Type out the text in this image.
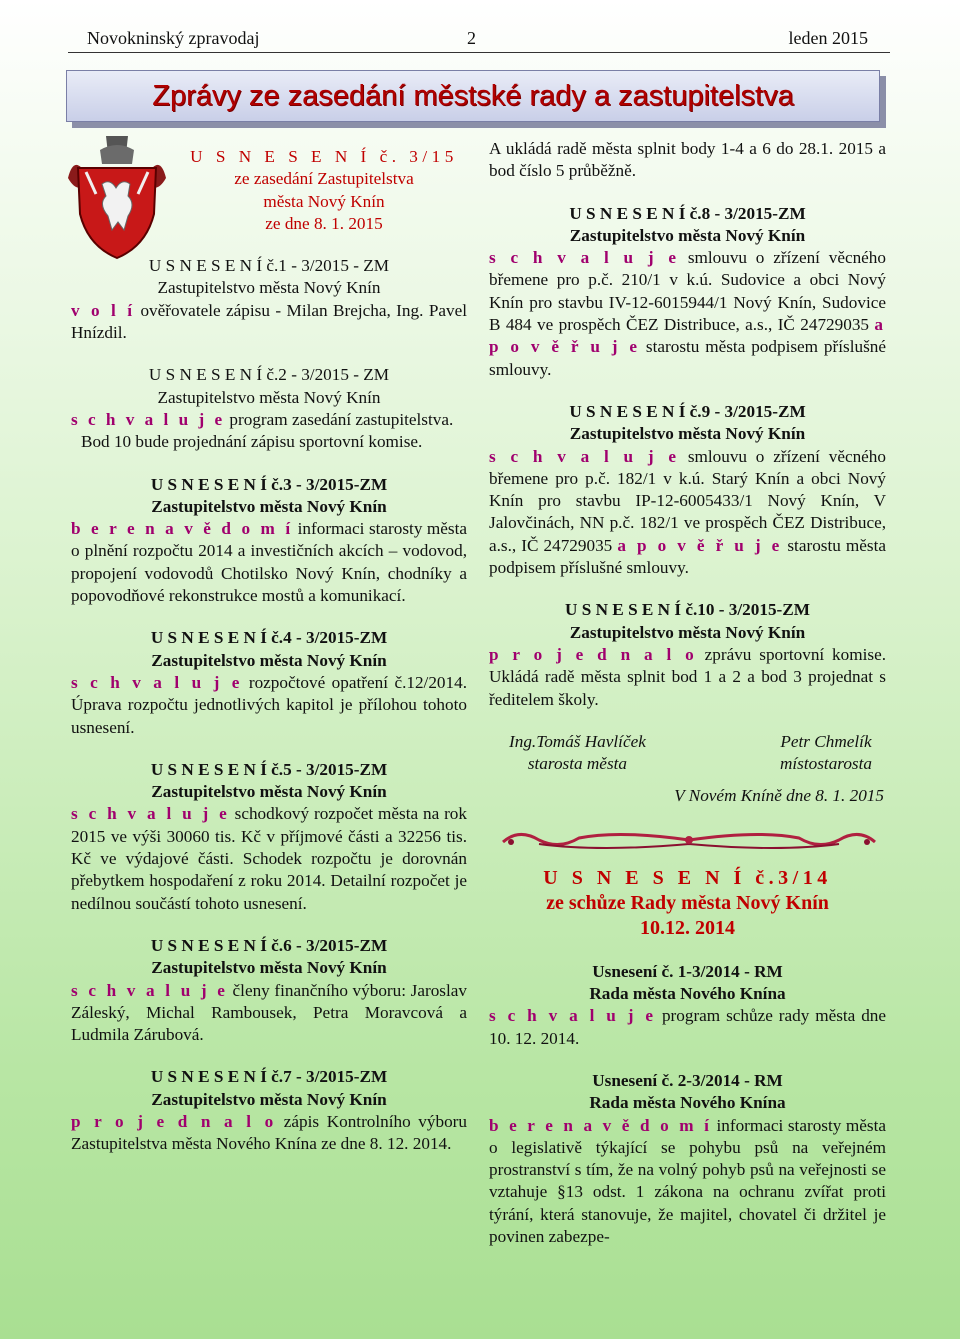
Novokninský zpravodaj	2	leden 2015
Zprávy ze zasedání městské rady a zastupitelstva
U S N E S E N Í č. 3/15
ze zasedání Zastupitelstva
města Nový Knín
ze dne 8. 1. 2015
U S N E S E N Í č.1 - 3/2015 - ZM
Zastupitelstvo města Nový Knín
v o l í ověřovatele zápisu - Milan Brejcha, Ing. Pavel Hnízdil.
U S N E S E N Í č.2 - 3/2015 - ZM
Zastupitelstvo města Nový Knín
s c h v a l u j e program zasedání zastupitelstva.
Bod 10 bude projednání zápisu sportovní komise.
U S N E S E N Í č.3 - 3/2015-ZM
Zastupitelstvo města Nový Knín
b e r e n a v ě d o m í informaci starosty města o plnění rozpočtu 2014 a investičních akcích – vodovod, propojení vodovodů Chotilsko Nový Knín, chodníky a popovodňové rekonstrukce mostů a komunikací.
U S N E S E N Í č.4 - 3/2015-ZM
Zastupitelstvo města Nový Knín
s c h v a l u j e rozpočtové opatření č.12/2014. Úprava rozpočtu jednotlivých kapitol je přílohou tohoto usnesení.
U S N E S E N Í č.5 - 3/2015-ZM
Zastupitelstvo města Nový Knín
s c h v a l u j e schodkový rozpočet města na rok 2015 ve výši 30060 tis. Kč v příjmové části a 32256 tis. Kč ve výdajové části. Schodek rozpočtu je dorovnán přebytkem hospodaření z roku 2014. Detailní rozpočet je nedílnou součástí tohoto usnesení.
U S N E S E N Í č.6 - 3/2015-ZM
Zastupitelstvo města Nový Knín
s c h v a l u j e členy finančního výboru: Jaroslav Záleský, Michal Rambousek, Petra Moravcová a Ludmila Zárubová.
U S N E S E N Í č.7 - 3/2015-ZM
Zastupitelstvo města Nový Knín
p r o j e d n a l o zápis Kontrolního výboru Zastupitelstva města Nového Knína ze dne 8. 12. 2014.
A ukládá radě města splnit body 1-4 a 6 do 28.1. 2015 a bod číslo 5 průběžně.
U S N E S E N Í č.8 - 3/2015-ZM
Zastupitelstvo města Nový Knín
s c h v a l u j e smlouvu o zřízení věcného břemene pro p.č. 210/1 v k.ú. Sudovice a obci Nový Knín pro stavbu IV-12-6015944/1 Nový Knín, Sudovice B 484 ve prospěch ČEZ Distribuce, a.s., IČ 24729035 a p o v ě ř u j e starostu města podpisem příslušné smlouvy.
U S N E S E N Í č.9 - 3/2015-ZM
Zastupitelstvo města Nový Knín
s c h v a l u j e smlouvu o zřízení věcného břemene pro p.č. 182/1 v k.ú. Starý Knín a obci Nový Knín pro stavbu IP-12-6005433/1 Nový Knín, V Jalovčinách, NN p.č. 182/1 ve prospěch ČEZ Distribuce, a.s., IČ 24729035 a p o v ě ř u j e starostu města podpisem příslušné smlouvy.
U S N E S E N Í č.10 - 3/2015-ZM
Zastupitelstvo města Nový Knín
p r o j e d n a l o zprávu sportovní komise. Ukládá radě města splnit bod 1 a 2 a bod 3 projednat s ředitelem školy.
Ing.Tomáš Havlíček
starosta města
Petr Chmelík
místostarosta
V Novém Kníně dne 8. 1. 2015
U S N E S E N Í č.3/14
ze schůze Rady města Nový Knín
10.12. 2014
Usnesení č. 1-3/2014 - RM
Rada města Nového Knína
s c h v a l u j e program schůze rady města dne 10. 12. 2014.
Usnesení č. 2-3/2014 - RM
Rada města Nového Knína
b e r e n a v ě d o m í informaci starosty města o legislativě týkající se pohybu psů na veřejném prostranství s tím, že na volný pohyb psů na veřejnosti se vztahuje §13 odst. 1 zákona na ochranu zvířat proti týrání, která stanovuje, že majitel, chovatel či držitel je povinen zabezpe-
